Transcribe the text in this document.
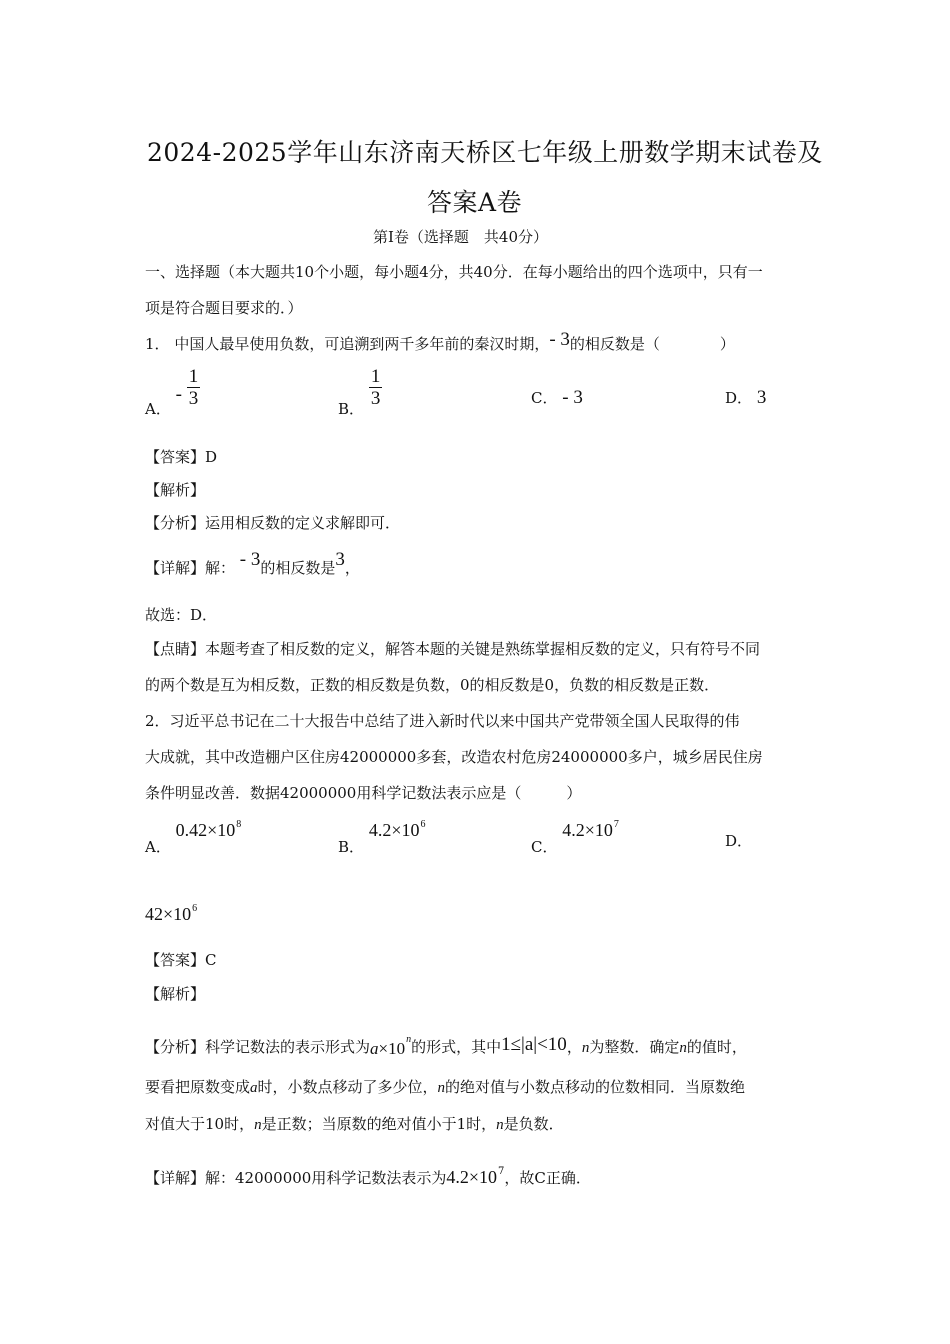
2024-2025学年山东济南天桥区七年级上册数学期末试卷及
答案A卷
第Ⅰ卷（选择题　共40分）
一、选择题（本大题共10个小题，每小题4分，共40分．在每小题给出的四个选项中，只有一
项是符合题目要求的．）
1． 中国人最早使用负数，可追溯到两千多年前的秦汉时期，- 3的相反数是（　　　　）
A． - $\frac{1}{3}$	B． $\frac{1}{3}$	C． - 3	D． 3
【答案】D
【解析】
【分析】运用相反数的定义求解即可．
【详解】解： - 3的相反数是3，
故选：D．
【点睛】本题考查了相反数的定义，解答本题的关键是熟练掌握相反数的定义，只有符号不同
的两个数是互为相反数，正数的相反数是负数，0的相反数是0，负数的相反数是正数．
2．习近平总书记在二十大报告中总结了进入新时代以来中国共产党带领全国人民取得的伟
大成就，其中改造棚户区住房42000000多套，改造农村危房24000000多户，城乡居民住房
条件明显改善．数据42000000用科学记数法表示应是（　　　）
A． $0.42\times 10^8$
B． $4.2\times 10^6$
C． $4.2\times 10^7$
D．
$42\times 10^6$
【答案】C
【解析】
【分析】科学记数法的表示形式为$a\times 10^n$的形式，其中1≤|a|<10，n为整数．确定n的值时，
要看把原数变成a时，小数点移动了多少位，n的绝对值与小数点移动的位数相同．当原数绝
对值大于10时，n是正数；当原数的绝对值小于1时，n是负数．
【详解】解：42000000用科学记数法表示为$4.2\times 10^7$，故C正确．
